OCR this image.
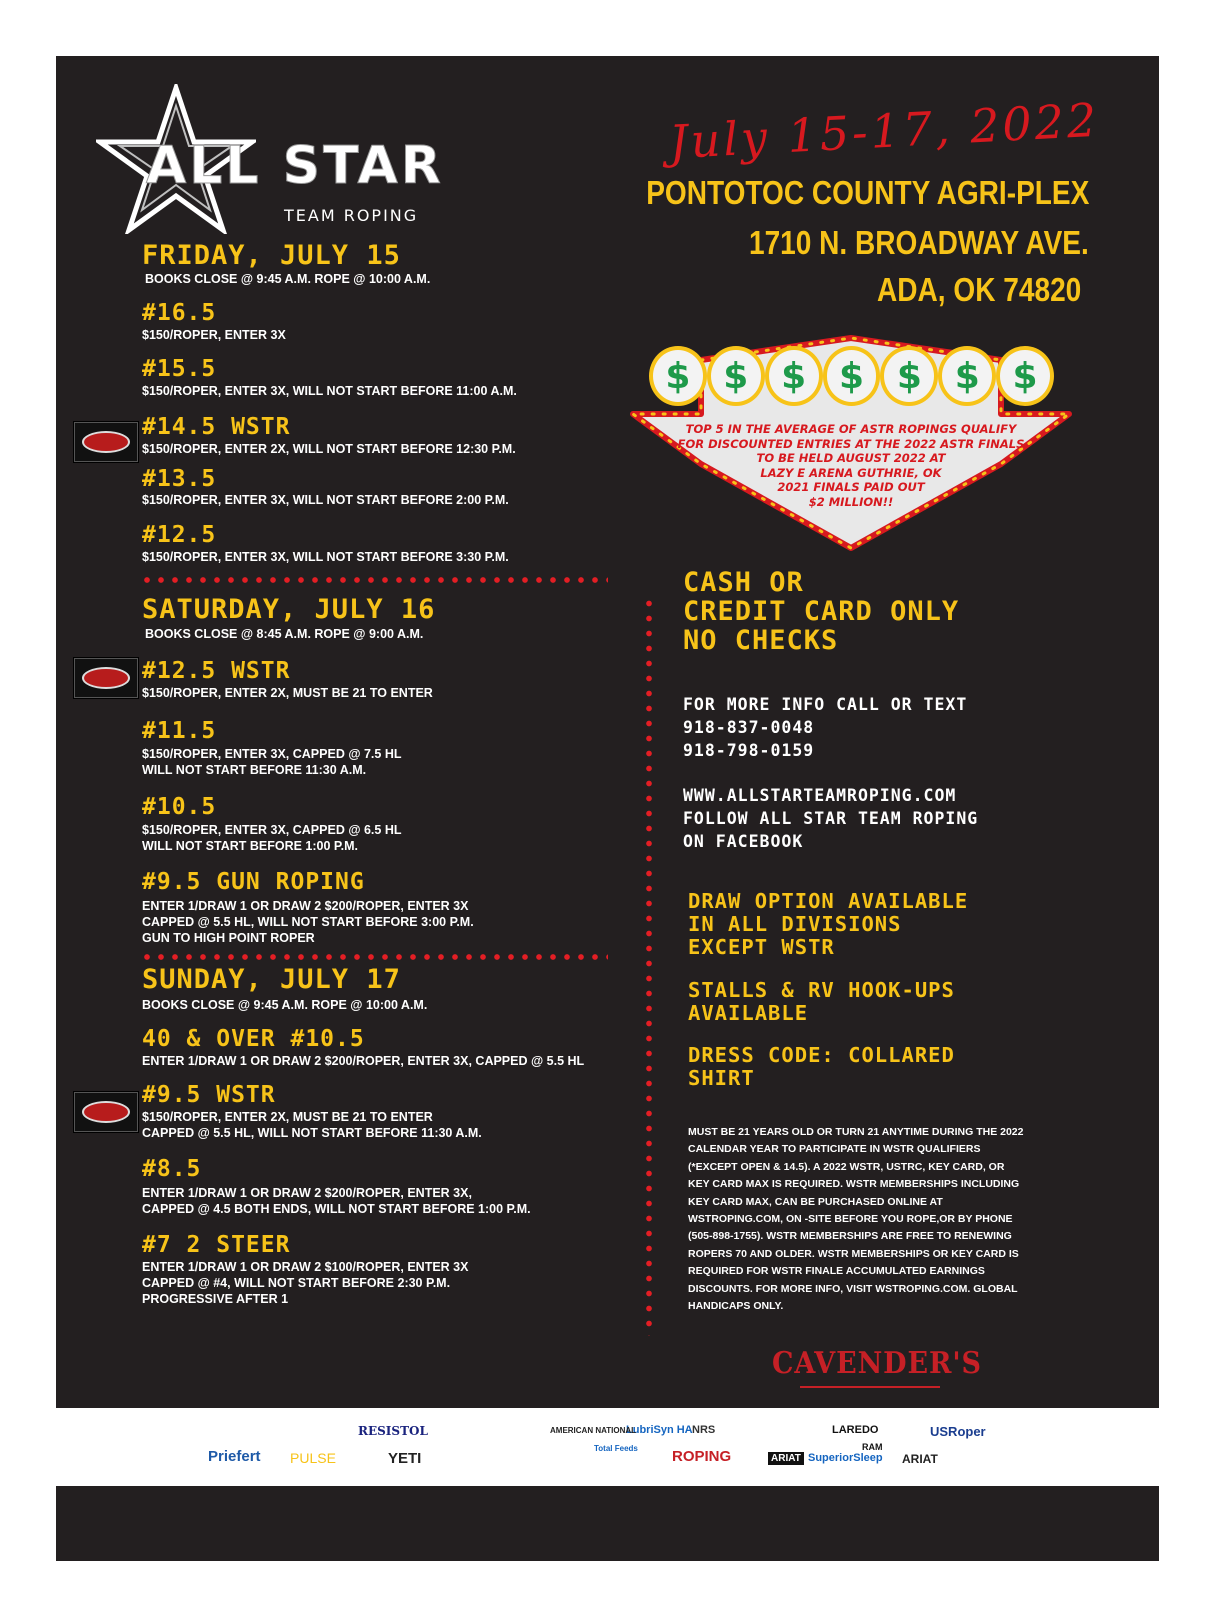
ALL STAR
TEAM ROPING
July 15-17, 2022
PONTOTOC COUNTY AGRI-PLEX
1710 N. BROADWAY AVE.
ADA, OK 74820
$ $ $ $ $ $ $
TOP 5 IN THE AVERAGE OF ASTR ROPINGS QUALIFY
FOR DISCOUNTED ENTRIES AT THE 2022 ASTR FINALS
TO BE HELD AUGUST 2022 AT
LAZY E ARENA GUTHRIE, OK
2021 FINALS PAID OUT
$2 MILLION!!
FRIDAY, JULY 15
BOOKS CLOSE @ 9:45 A.M. ROPE @ 10:00 A.M.
#16.5
$150/ROPER, ENTER 3X
#15.5
$150/ROPER, ENTER 3X, WILL NOT START BEFORE 11:00 A.M.
#14.5 WSTR
$150/ROPER, ENTER 2X, WILL NOT START BEFORE 12:30 P.M.
#13.5
$150/ROPER, ENTER 3X, WILL NOT START BEFORE 2:00 P.M.
#12.5
$150/ROPER, ENTER 3X, WILL NOT START BEFORE 3:30 P.M.
SATURDAY, JULY 16
BOOKS CLOSE @ 8:45 A.M. ROPE @ 9:00 A.M.
#12.5 WSTR
$150/ROPER, ENTER 2X, MUST BE 21 TO ENTER
#11.5
$150/ROPER, ENTER 3X, CAPPED @ 7.5 HL
WILL NOT START BEFORE 11:30 A.M.
#10.5
$150/ROPER, ENTER 3X, CAPPED @ 6.5 HL
WILL NOT START BEFORE 1:00 P.M.
#9.5 GUN ROPING
ENTER 1/DRAW 1 OR DRAW 2 $200/ROPER, ENTER 3X
CAPPED @ 5.5 HL, WILL NOT START BEFORE 3:00 P.M.
GUN TO HIGH POINT ROPER
SUNDAY, JULY 17
BOOKS CLOSE @ 9:45 A.M. ROPE @ 10:00 A.M.
40 & OVER #10.5
ENTER 1/DRAW 1 OR DRAW 2 $200/ROPER, ENTER 3X, CAPPED @ 5.5 HL
#9.5 WSTR
$150/ROPER, ENTER 2X, MUST BE 21 TO ENTER
CAPPED @ 5.5 HL, WILL NOT START BEFORE 11:30 A.M.
#8.5
ENTER 1/DRAW 1 OR DRAW 2 $200/ROPER, ENTER 3X,
CAPPED @ 4.5 BOTH ENDS, WILL NOT START BEFORE 1:00 P.M.
#7 2 STEER
ENTER 1/DRAW 1 OR DRAW 2 $100/ROPER, ENTER 3X
CAPPED @ #4, WILL NOT START BEFORE 2:30 P.M.
PROGRESSIVE AFTER 1
CASH OR
CREDIT CARD ONLY
NO CHECKS
FOR MORE INFO CALL OR TEXT
918-837-0048
918-798-0159
WWW.ALLSTARTEAMROPING.COM
FOLLOW ALL STAR TEAM ROPING
ON FACEBOOK
DRAW OPTION AVAILABLE
IN ALL DIVISIONS
EXCEPT WSTR
STALLS & RV HOOK-UPS
AVAILABLE
DRESS CODE: COLLARED
SHIRT
MUST BE 21 YEARS OLD OR TURN 21 ANYTIME DURING THE 2022
CALENDAR YEAR TO PARTICIPATE IN WSTR QUALIFIERS
(*EXCEPT OPEN & 14.5). A 2022 WSTR, USTRC, KEY CARD, OR
KEY CARD MAX IS REQUIRED. WSTR MEMBERSHIPS INCLUDING
KEY CARD MAX, CAN BE PURCHASED ONLINE AT
WSTROPING.COM, ON -SITE BEFORE YOU ROPE,OR BY PHONE
(505-898-1755). WSTR MEMBERSHIPS ARE FREE TO RENEWING
ROPERS 70 AND OLDER. WSTR MEMBERSHIPS OR KEY CARD IS
REQUIRED FOR WSTR FINALE ACCUMULATED EARNINGS
DISCOUNTS. FOR MORE INFO, VISIT WSTROPING.COM. GLOBAL
HANDICAPS ONLY.
CAVENDER'S
RESISTOL	LubriSyn HA NRS	LAREDO
RAM
USRoper
AMERICAN NATIONAL
Total Feeds
Priefert PULSE	YETI	ROPING	ARIAT SuperiorSleep ARIAT
